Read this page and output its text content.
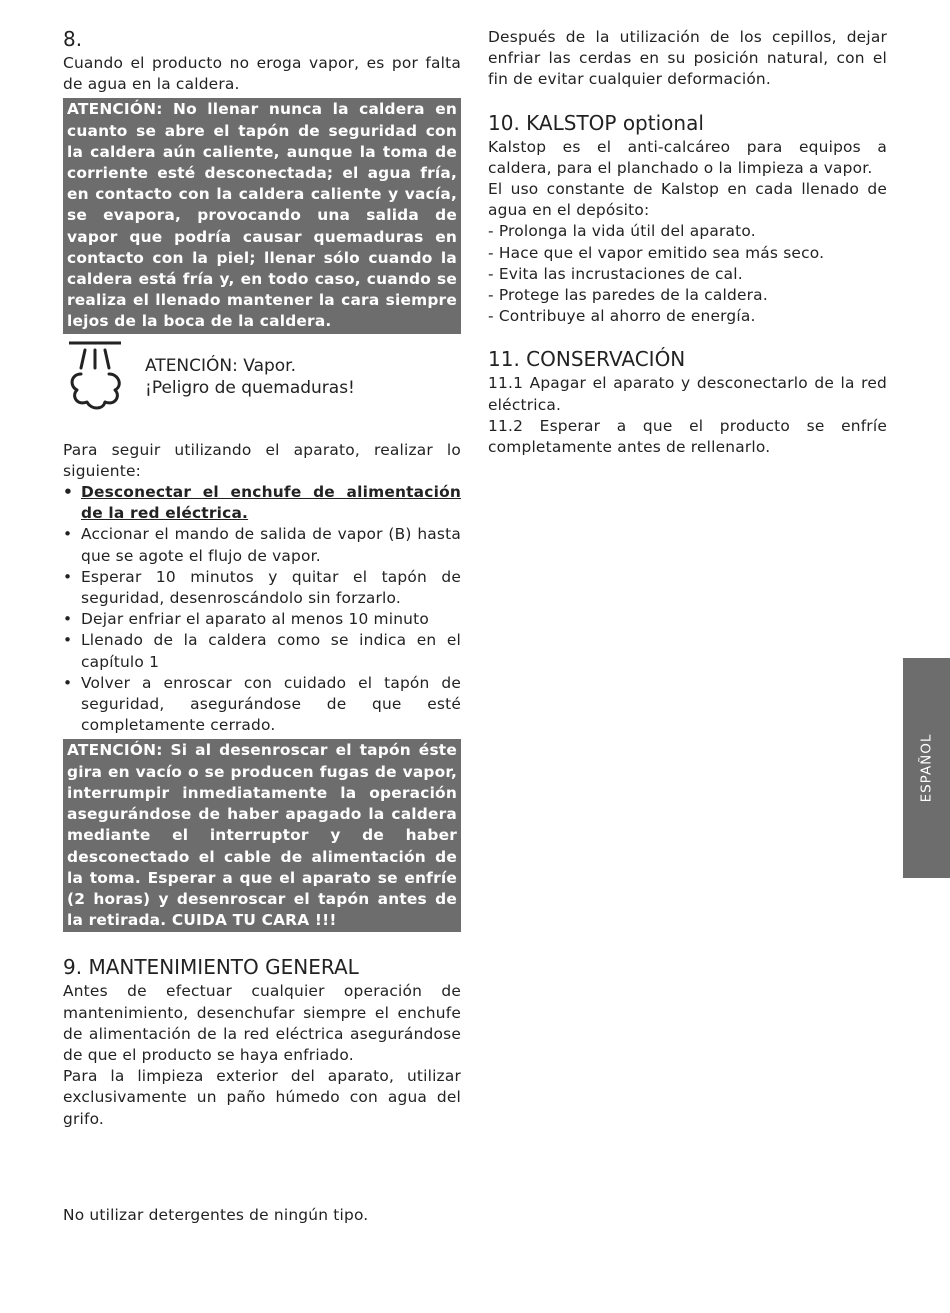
8.

Cuando el producto no eroga vapor, es por falta de agua en la caldera.

ATENCIÓN: No llenar nunca la caldera en cuanto se abre el tapón de seguridad con la caldera aún caliente, aunque la toma de corriente esté desconectada; el agua fría, en contacto con la caldera caliente y vacía, se evapora, provocando una salida de vapor que podría causar quemaduras en contacto con la piel; llenar sólo cuando la caldera está fría y, en todo caso, cuando se realiza el llenado mantener la cara siempre lejos de la boca de la caldera.
ATENCIÓN: Vapor.
¡Peligro de quemaduras!

Para seguir utilizando el aparato, realizar lo siguiente:

• Desconectar el enchufe de alimentación de la red eléctrica.
• Accionar el mando de salida de vapor (B) hasta que se agote el flujo de vapor.
• Esperar 10 minutos y quitar el tapón de seguridad, desenroscándolo sin forzarlo.
• Dejar enfriar el aparato al menos 10 minuto
• Llenado de la caldera como se indica en el capítulo 1
• Volver a enroscar con cuidado el tapón de seguridad, asegurándose de que esté completamente cerrado.
ATENCIÓN: Si al desenroscar el tapón éste gira en vacío o se producen fugas de vapor, interrumpir inmediatamente la operación asegurándose de haber apagado la caldera mediante el interruptor y de haber desconectado el cable de alimentación de la toma. Esperar a que el aparato se enfríe (2 horas) y desenroscar el tapón antes de la retirada. CUIDA TU CARA !!!
9. MANTENIMIENTO GENERAL

Antes de efectuar cualquier operación de mantenimiento, desenchufar siempre el enchufe de alimentación de la red eléctrica asegurándose de que el producto se haya enfriado.

Para la limpieza exterior del aparato, utilizar exclusivamente un paño húmedo con agua del grifo.

No utilizar detergentes de ningún tipo.

Después de la utilización de los cepillos, dejar enfriar las cerdas en su posición natural, con el fin de evitar cualquier deformación.

10. KALSTOP optional

Kalstop es el anti-calcáreo para equipos a caldera, para el planchado o la limpieza a vapor.

El uso constante de Kalstop en cada llenado de agua en el depósito:

- Prolonga la vida útil del aparato.
- Hace que el vapor emitido sea más seco.
- Evita las incrustaciones de cal.
- Protege las paredes de la caldera.
- Contribuye al ahorro de energía.
11. CONSERVACIÓN

11.1 Apagar el aparato y desconectarlo de la red eléctrica.

11.2 Esperar a que el producto se enfríe completamente antes de rellenarlo.

ESPAÑOL
